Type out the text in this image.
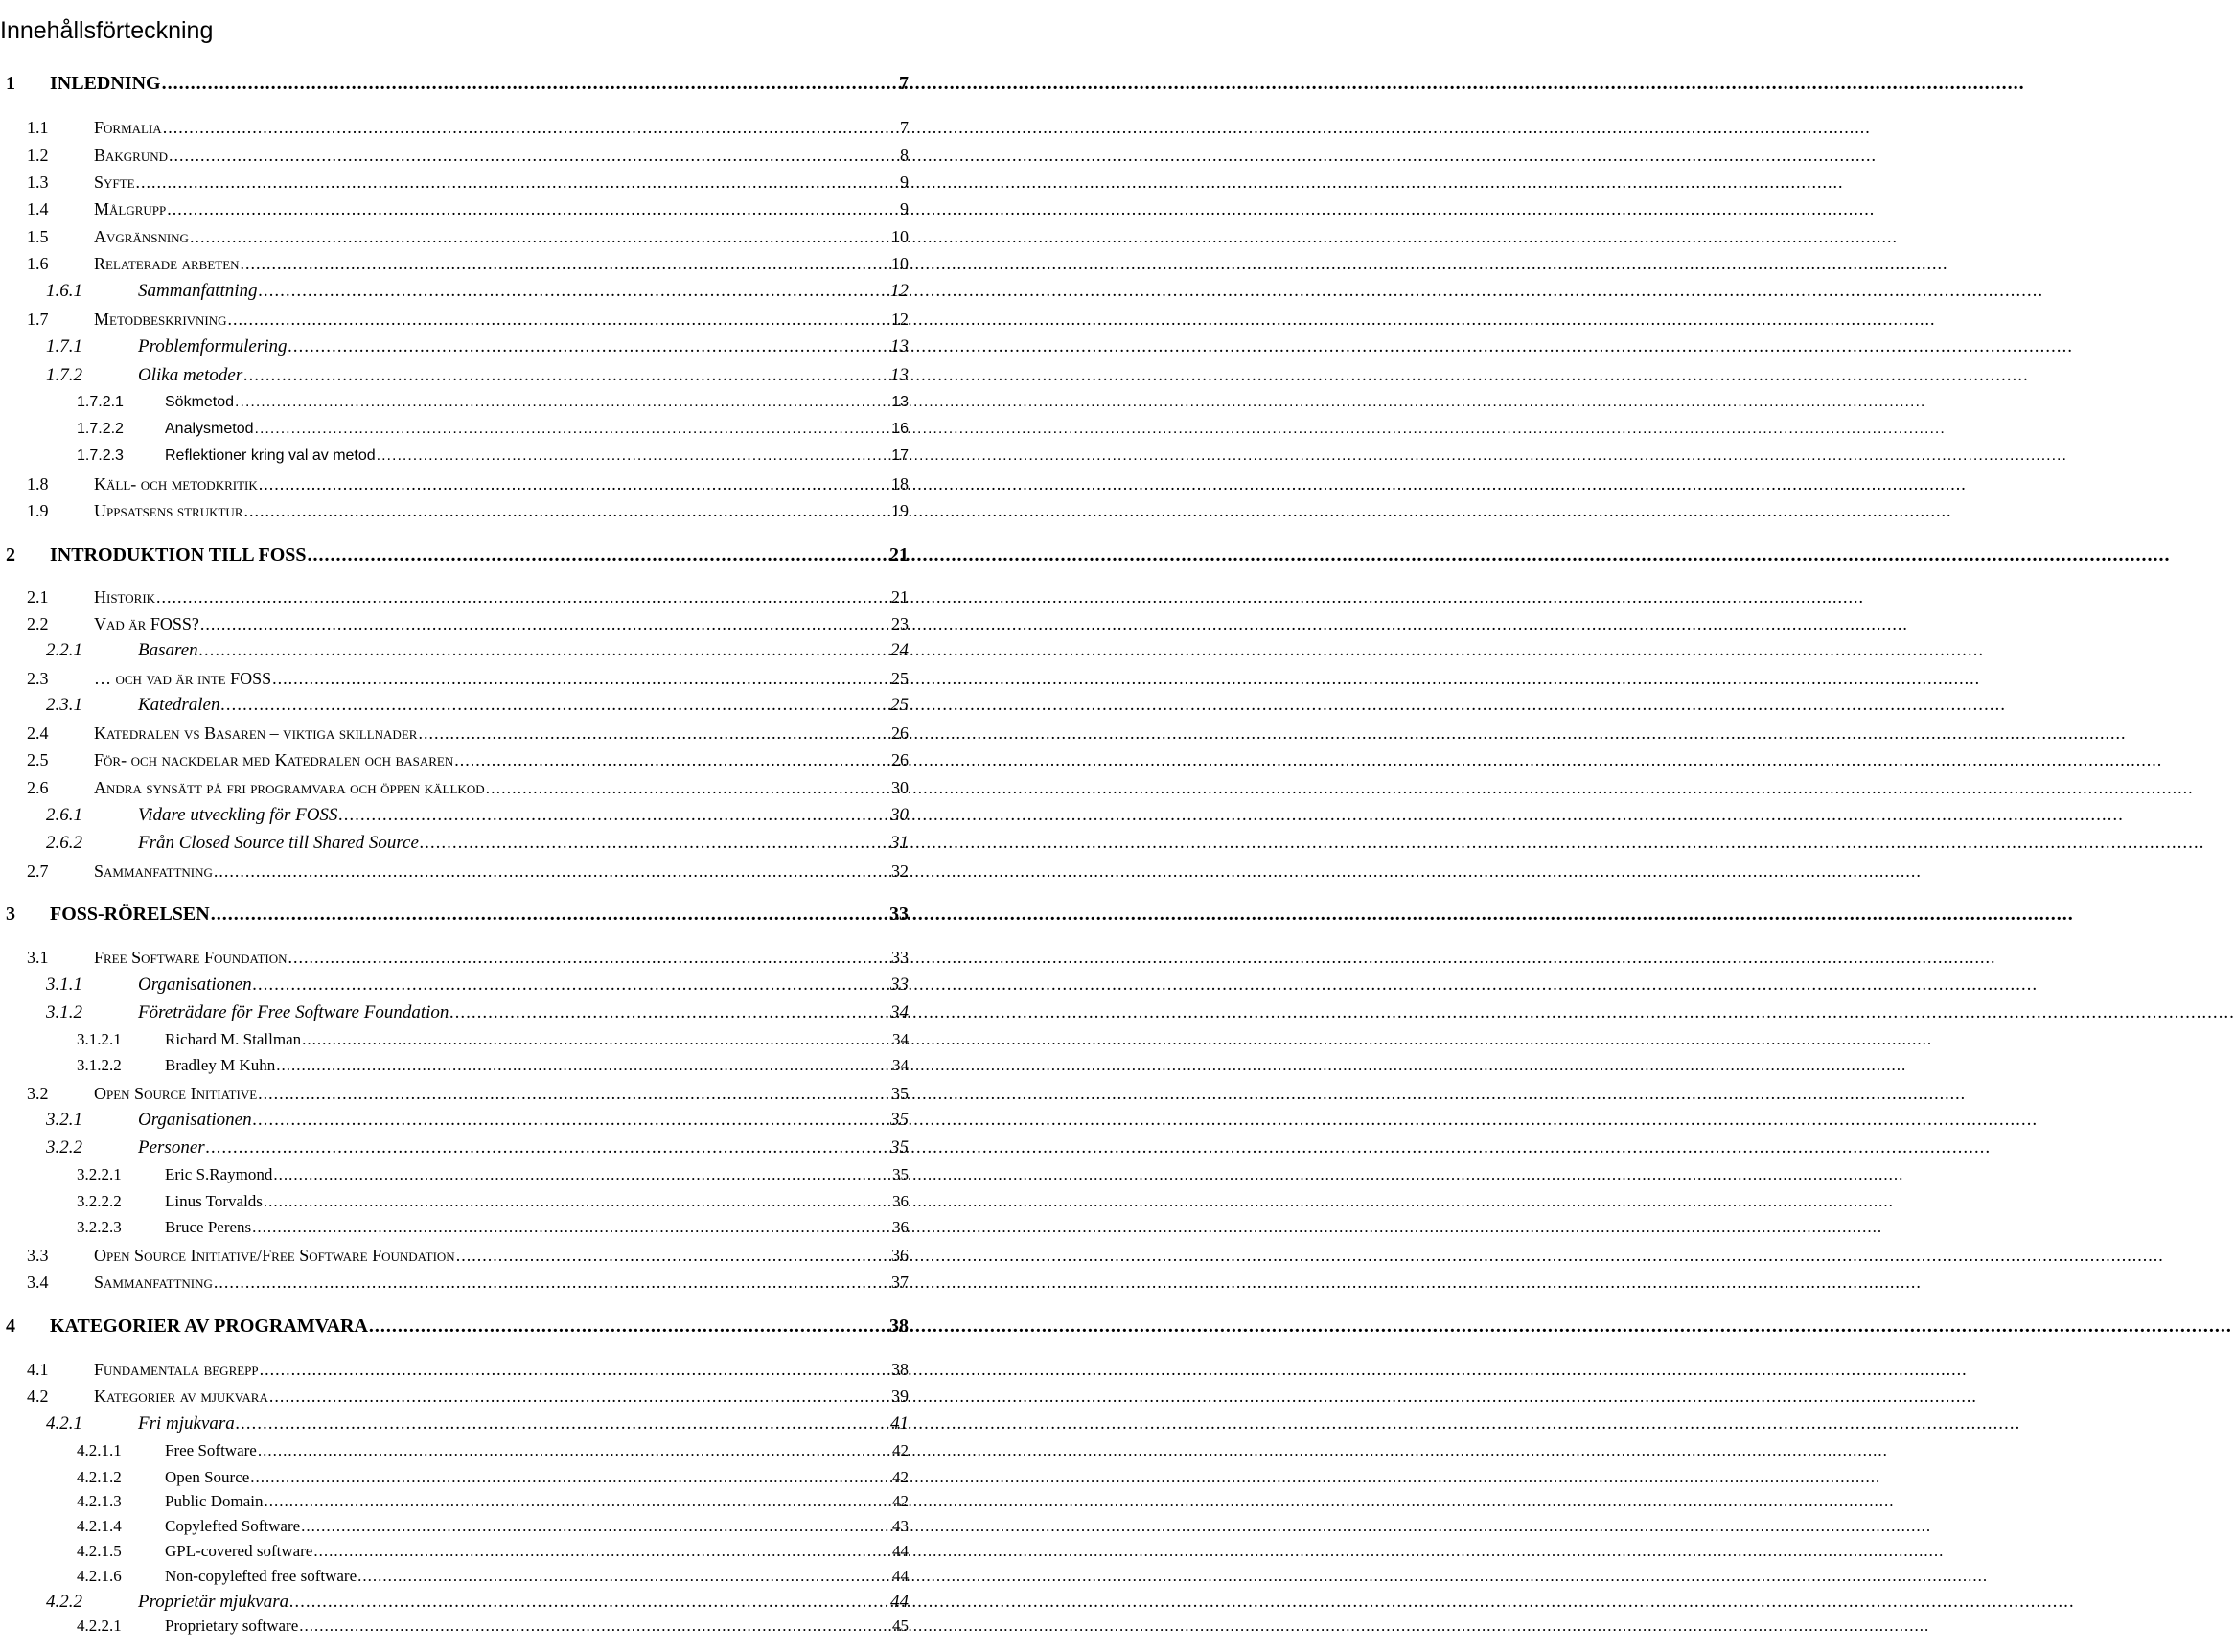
Innehållsförteckning
1	INLEDNING .....	7
1.1	Formalia .....	7
1.2	Bakgrund .....	8
1.3	Syfte .....	9
1.4	Målgrupp .....	9
1.5	Avgränsning .....	10
1.6	Relaterade arbeten .....	10
1.6.1	Sammanfattning .....	12
1.7	Metodbeskrivning .....	12
1.7.1	Problemformulering .....	13
1.7.2	Olika metoder .....	13
1.7.2.1	Sökmetod .....	13
1.7.2.2	Analysmetod .....	16
1.7.2.3	Reflektioner kring val av metod .....	17
1.8	Käll- och metodkritik .....	18
1.9	Uppsatsens struktur .....	19
2	INTRODUKTION TILL FOSS .....	21
2.1	Historik .....	21
2.2	Vad är FOSS? .....	23
2.2.1	Basaren .....	24
2.3	… och vad är inte FOSS .....	25
2.3.1	Katedralen .....	25
2.4	Katedralen vs Basaren – viktiga skillnader .....	26
2.5	För- och nackdelar med Katedralen och basaren .....	26
2.6	Andra synsätt på fri programvara och öppen källkod .....	30
2.6.1	Vidare utveckling för FOSS .....	30
2.6.2	Från Closed Source till Shared Source .....	31
2.7	Sammanfattning .....	32
3	FOSS-RÖRELSEN .....	33
3.1	Free Software Foundation .....	33
3.1.1	Organisationen .....	33
3.1.2	Företrädare för Free Software Foundation .....	34
3.1.2.1	Richard M. Stallman .....	34
3.1.2.2	Bradley M Kuhn .....	34
3.2	Open Source Initiative .....	35
3.2.1	Organisationen .....	35
3.2.2	Personer .....	35
3.2.2.1	Eric S.Raymond .....	35
3.2.2.2	Linus Torvalds .....	36
3.2.2.3	Bruce Perens .....	36
3.3	Open Source Initiative/Free Software Foundation .....	36
3.4	Sammanfattning .....	37
4	KATEGORIER AV PROGRAMVARA .....	38
4.1	Fundamentala begrepp .....	38
4.2	Kategorier av mjukvara .....	39
4.2.1	Fri mjukvara .....	41
4.2.1.1	Free Software .....	42
4.2.1.2	Open Source .....	42
4.2.1.3	Public Domain .....	42
4.2.1.4	Copylefted Software .....	43
4.2.1.5	GPL-covered software .....	44
4.2.1.6	Non-copylefted free software .....	44
4.2.2	Proprietär mjukvara .....	44
4.2.2.1	Proprietary software .....	45
